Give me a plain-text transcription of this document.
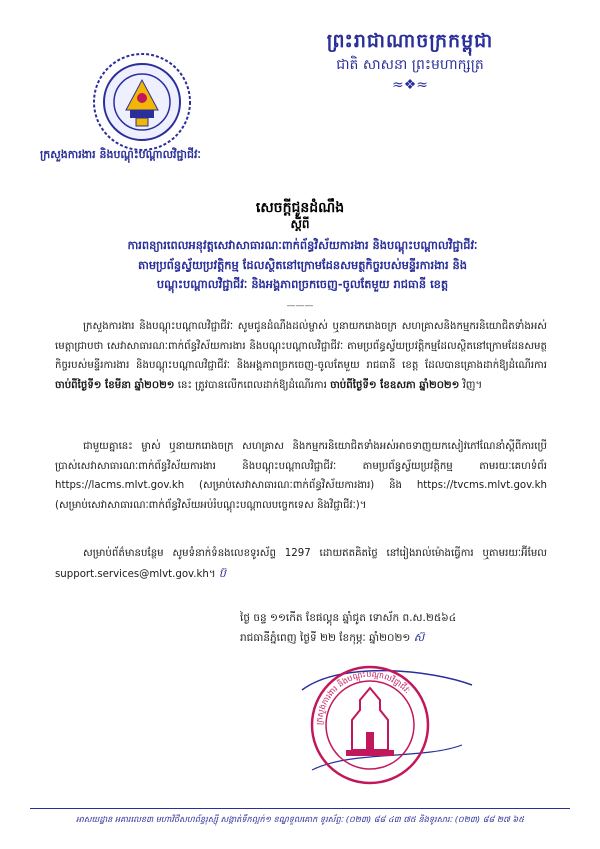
ព្រះរាជាណាចក្រកម្ពុជា
ជាតិ សាសនា ព្រះមហាក្សត្រ
≈❖≈
ក្រសួងការងារ និងបណ្តុះបណ្តាលវិជ្ជាជីវៈ
សេចក្តីជូនដំណឹង
ស្តីពី
ការពន្យារពេលអនុវត្តសេវាសាធារណៈពាក់ព័ន្ធវិស័យការងារ និងបណ្តុះបណ្តាលវិជ្ជាជីវៈ
តាមប្រព័ន្ធស្វ័យប្រវត្តិកម្ម ដែលស្ថិតនៅក្រោមដែនសមត្ថកិច្ចរបស់មន្ទីរការងារ និង
បណ្តុះបណ្តាលវិជ្ជាជីវៈ និងអង្គភាពច្រកចេញ-ចូលតែមួយ រាជធានី ខេត្ត
———
ក្រសួងការងារ និងបណ្តុះបណ្តាលវិជ្ជាជីវៈ សូមជូនដំណឹងដល់ម្ចាស់ ឬនាយករោងចក្រ សហគ្រាសនិងកម្មករនិយោជិតទាំងអស់មេត្តាជ្រាបថា សេវាសាធារណៈពាក់ព័ន្ធវិស័យការងារ និងបណ្តុះបណ្តាលវិជ្ជាជីវៈ តាមប្រព័ន្ធស្វ័យប្រវត្តិកម្មដែលស្ថិតនៅក្រោមដែនសមត្ថកិច្ចរបស់មន្ទីរការងារ និងបណ្តុះបណ្តាលវិជ្ជាជីវៈ និងអង្គភាពច្រកចេញ-ចូលតែមួយ រាជធានី ខេត្ត ដែលបានគ្រោងដាក់ឱ្យដំណើរការ ចាប់ពីថ្ងៃទី១ ខែមីនា ឆ្នាំ២០២១ នេះ ត្រូវបានលើកពេលដាក់ឱ្យដំណើរការ ចាប់ពីថ្ងៃទី១ ខែឧសភា ឆ្នាំ២០២១ វិញ។
ជាមួយគ្នានេះ ម្ចាស់ ឬនាយករោងចក្រ សហគ្រាស និងកម្មករនិយោជិតទាំងអស់អាចទាញយកសៀវភៅណែនាំស្តីពីការប្រើប្រាស់សេវាសាធារណៈពាក់ព័ន្ធវិស័យការងារ និងបណ្តុះបណ្តាលវិជ្ជាជីវៈ តាមប្រព័ន្ធស្វ័យប្រវត្តិកម្ម តាមរយៈគេហទំព័រ https://lacms.mlvt.gov.kh (សម្រាប់សេវាសាធារណៈពាក់ព័ន្ធវិស័យការងារ) និង https://tvcms.mlvt.gov.kh (សម្រាប់សេវាសាធារណៈពាក់ព័ន្ធវិស័យអប់រំបណ្តុះបណ្តាលបច្ចេកទេស និងវិជ្ជាជីវៈ)។
សម្រាប់ព័ត៌មានបន្ថែម សូមទំនាក់ទំនងលេខទូរស័ព្ទ 1297 ដោយឥតគិតថ្លៃ នៅរៀងរាល់ម៉ោងធ្វើការ ឬតាមរយៈអ៊ីមែល support.services@mlvt.gov.kh។ ប៊
ថ្ងៃ ចន្ទ ១១កើត ខែផល្គុន ឆ្នាំជូត ទោស័ក ព.ស.២៥៦៤
រាជធានីភ្នំពេញ ថ្ងៃទី ២២ ខែកុម្ភៈ ឆ្នាំ២០២១ ស៊
ក្រសួងការងារ និងបណ្តុះបណ្តាលវិជ្ជាជីវៈ
អាសយដ្ឋាន អគារលេខ៣ មហាវិថីសហព័ន្ធរុស្ស៊ី សង្កាត់ទឹកល្អក់១ ខណ្ឌទួលគោក ទូរស័ព្ទៈ (០២៣) ៨៨ ៤៣ ៧៥ និងទូរសារៈ (០២៣) ៨៨ ២៧ ៦៥
